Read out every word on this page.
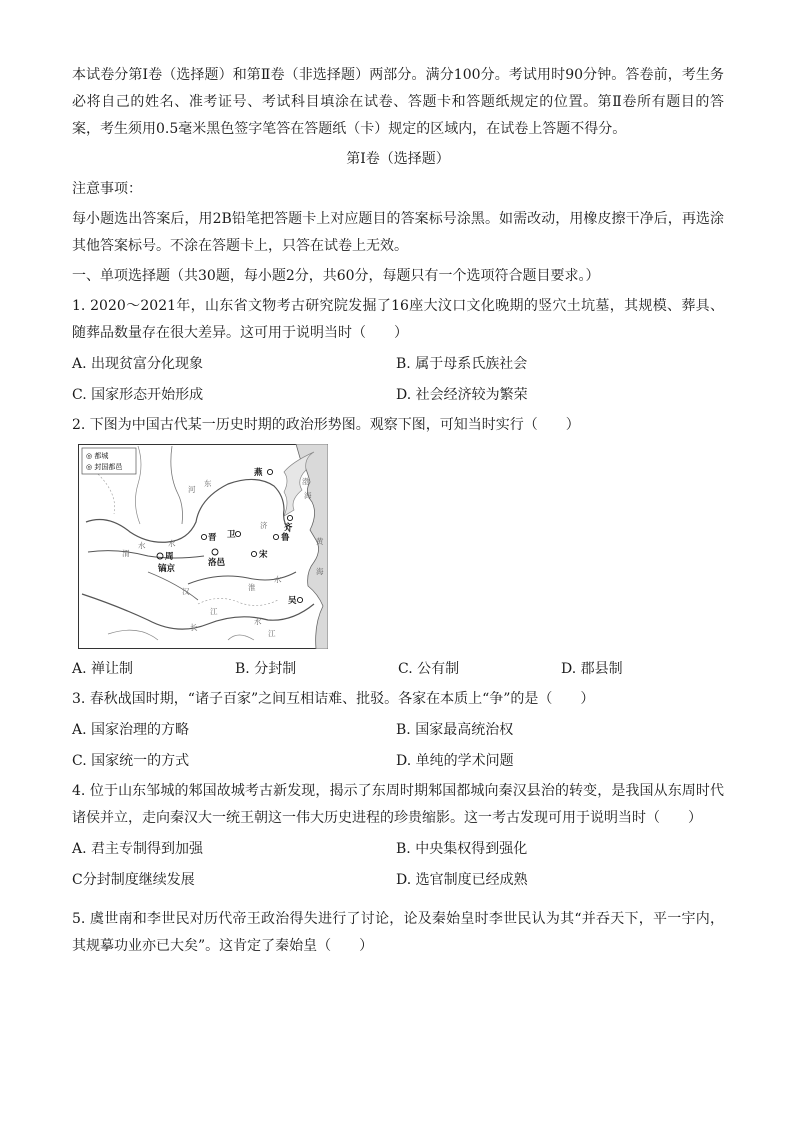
本试卷分第Ⅰ卷（选择题）和第Ⅱ卷（非选择题）两部分。满分100分。考试用时90分钟。答卷前，考生务必将自己的姓名、准考证号、考试科目填涂在试卷、答题卡和答题纸规定的位置。第Ⅱ卷所有题目的答案，考生须用0.5毫米黑色签字笔答在答题纸（卡）规定的区域内，在试卷上答题不得分。

第Ⅰ卷（选择题）

注意事项：

每小题选出答案后，用2B铅笔把答题卡上对应题目的答案标号涂黑。如需改动，用橡皮擦干净后，再选涂其他答案标号。不涂在答题卡上，只答在试卷上无效。

一、单项选择题（共30题，每小题2分，共60分，每题只有一个选项符合题目要求。）

1. 2020～2021年，山东省文物考古研究院发掘了16座大汶口文化晚期的竖穴土坑墓，其规模、葬具、随葬品数量存在很大差异。这可用于说明当时（　　）

A. 出现贫富分化现象	B. 属于母系氏族社会
C. 国家形态开始形成	D. 社会经济较为繁荣

2. 下图为中国古代某一历史时期的政治形势图。观察下图，可知当时实行（　　）

◎ 都城
◎ 封国都邑
燕
齐
鲁
晋 卫
宋
洛邑
周
镐京
吴
河
东	渤
海
黄
海
济
水
渭
水
汉	淮
水
江
长
水
江
A. 禅让制	B. 分封制	C. 公有制	D. 郡县制

3. 春秋战国时期，“诸子百家”之间互相诘难、批驳。各家在本质上“争”的是（　　）

A. 国家治理的方略	B. 国家最高统治权
C. 国家统一的方式	D. 单纯的学术问题

4. 位于山东邹城的邾国故城考古新发现，揭示了东周时期邾国都城向秦汉县治的转变，是我国从东周时代诸侯并立，走向秦汉大一统王朝这一伟大历史进程的珍贵缩影。这一考古发现可用于说明当时（　　）

A. 君主专制得到加强	B. 中央集权得到强化
C分封制度继续发展	D. 选官制度已经成熟

5. 虞世南和李世民对历代帝王政治得失进行了讨论，论及秦始皇时李世民认为其“并吞天下，平一宇内，其规摹功业亦已大矣”。这肯定了秦始皇（　　）
